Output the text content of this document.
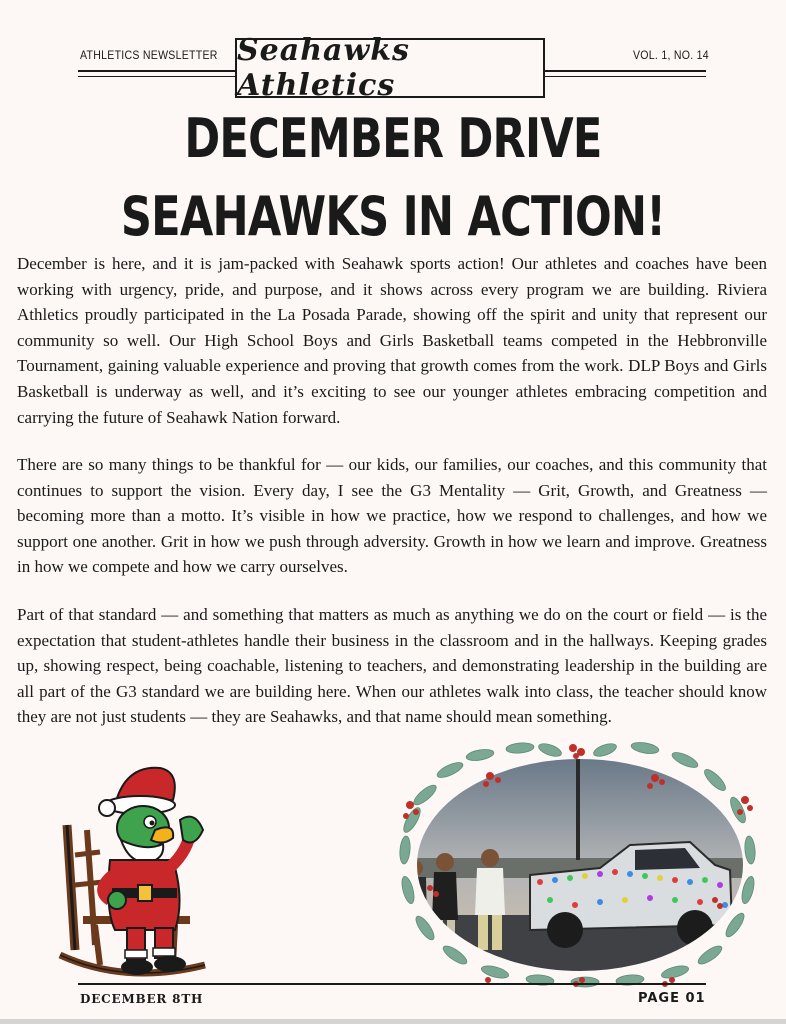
ATHLETICS NEWSLETTER	VOL. 1, NO. 14
Seahawks Athletics
DECEMBER DRIVE
SEAHAWKS IN ACTION!
December is here, and it is jam-packed with Seahawk sports action! Our athletes and coaches have been working with urgency, pride, and purpose, and it shows across every program we are building. Riviera Athletics proudly participated in the La Posada Parade, showing off the spirit and unity that represent our community so well. Our High School Boys and Girls Basketball teams competed in the Hebbronville Tournament, gaining valuable experience and proving that growth comes from the work. DLP Boys and Girls Basketball is underway as well, and it’s exciting to see our younger athletes embracing competition and carrying the future of Seahawk Nation forward.
There are so many things to be thankful for — our kids, our families, our coaches, and this community that continues to support the vision. Every day, I see the G3 Mentality — Grit, Growth, and Greatness — becoming more than a motto. It’s visible in how we practice, how we respond to challenges, and how we support one another. Grit in how we push through adversity. Growth in how we learn and improve. Greatness in how we compete and how we carry ourselves.
Part of that standard — and something that matters as much as anything we do on the court or field — is the expectation that student-athletes handle their business in the classroom and in the hallways. Keeping grades up, showing respect, being coachable, listening to teachers, and demonstrating leadership in the building are all part of the G3 standard we are building here. When our athletes walk into class, the teacher should know they are not just students — they are Seahawks, and that name should mean something.
DECEMBER 8TH	PAGE 01
